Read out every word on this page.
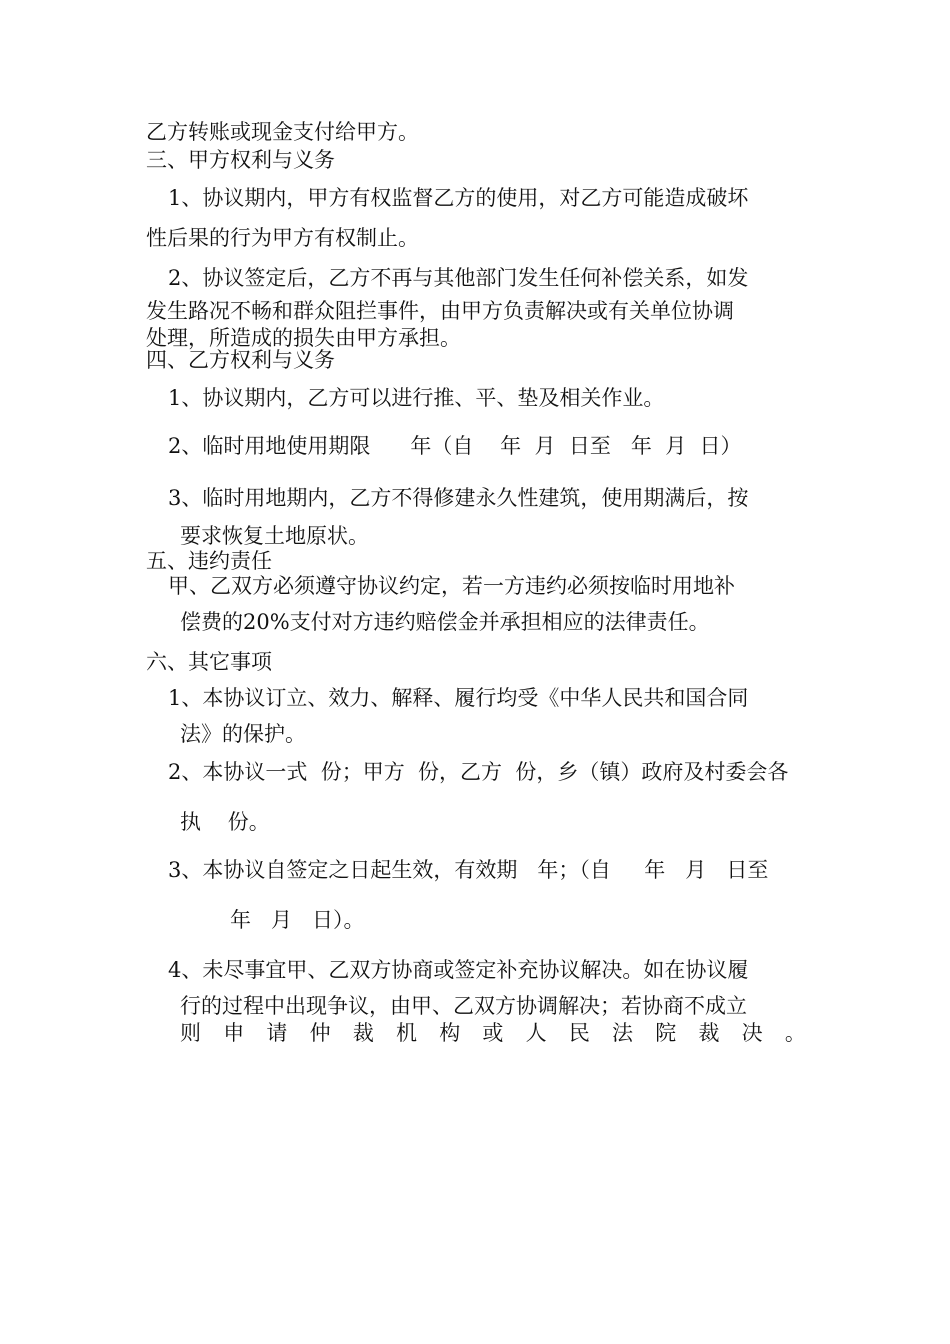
乙方转账或现金支付给甲方。
三、甲方权利与义务
1、协议期内，甲方有权监督乙方的使用，对乙方可能造成破坏
性后果的行为甲方有权制止。
2、协议签定后，乙方不再与其他部门发生任何补偿关系，如发
发生路况不畅和群众阻拦事件，由甲方负责解决或有关单位协调
处理，所造成的损失由甲方承担。
四、乙方权利与义务
1、协议期内，乙方可以进行推、平、垫及相关作业。
2、临时用地使用期限      年（自    年  月  日至   年  月  日）
3、临时用地期内，乙方不得修建永久性建筑，使用期满后，按
要求恢复土地原状。
五、违约责任
甲、乙双方必须遵守协议约定，若一方违约必须按临时用地补
偿费的20%支付对方违约赔偿金并承担相应的法律责任。
六、其它事项
1、本协议订立、效力、解释、履行均受《中华人民共和国合同
法》的保护。
2、本协议一式  份；甲方  份，乙方  份，乡（镇）政府及村委会各
执    份。
3、本协议自签定之日起生效，有效期   年；（自     年   月   日至
年   月   日）。
4、未尽事宜甲、乙双方协商或签定补充协议解决。如在协议履
行的过程中出现争议，由甲、乙双方协调解决；若协商不成立
则 申 请 仲 裁 机 构 或 人 民 法 院 裁 决 。
